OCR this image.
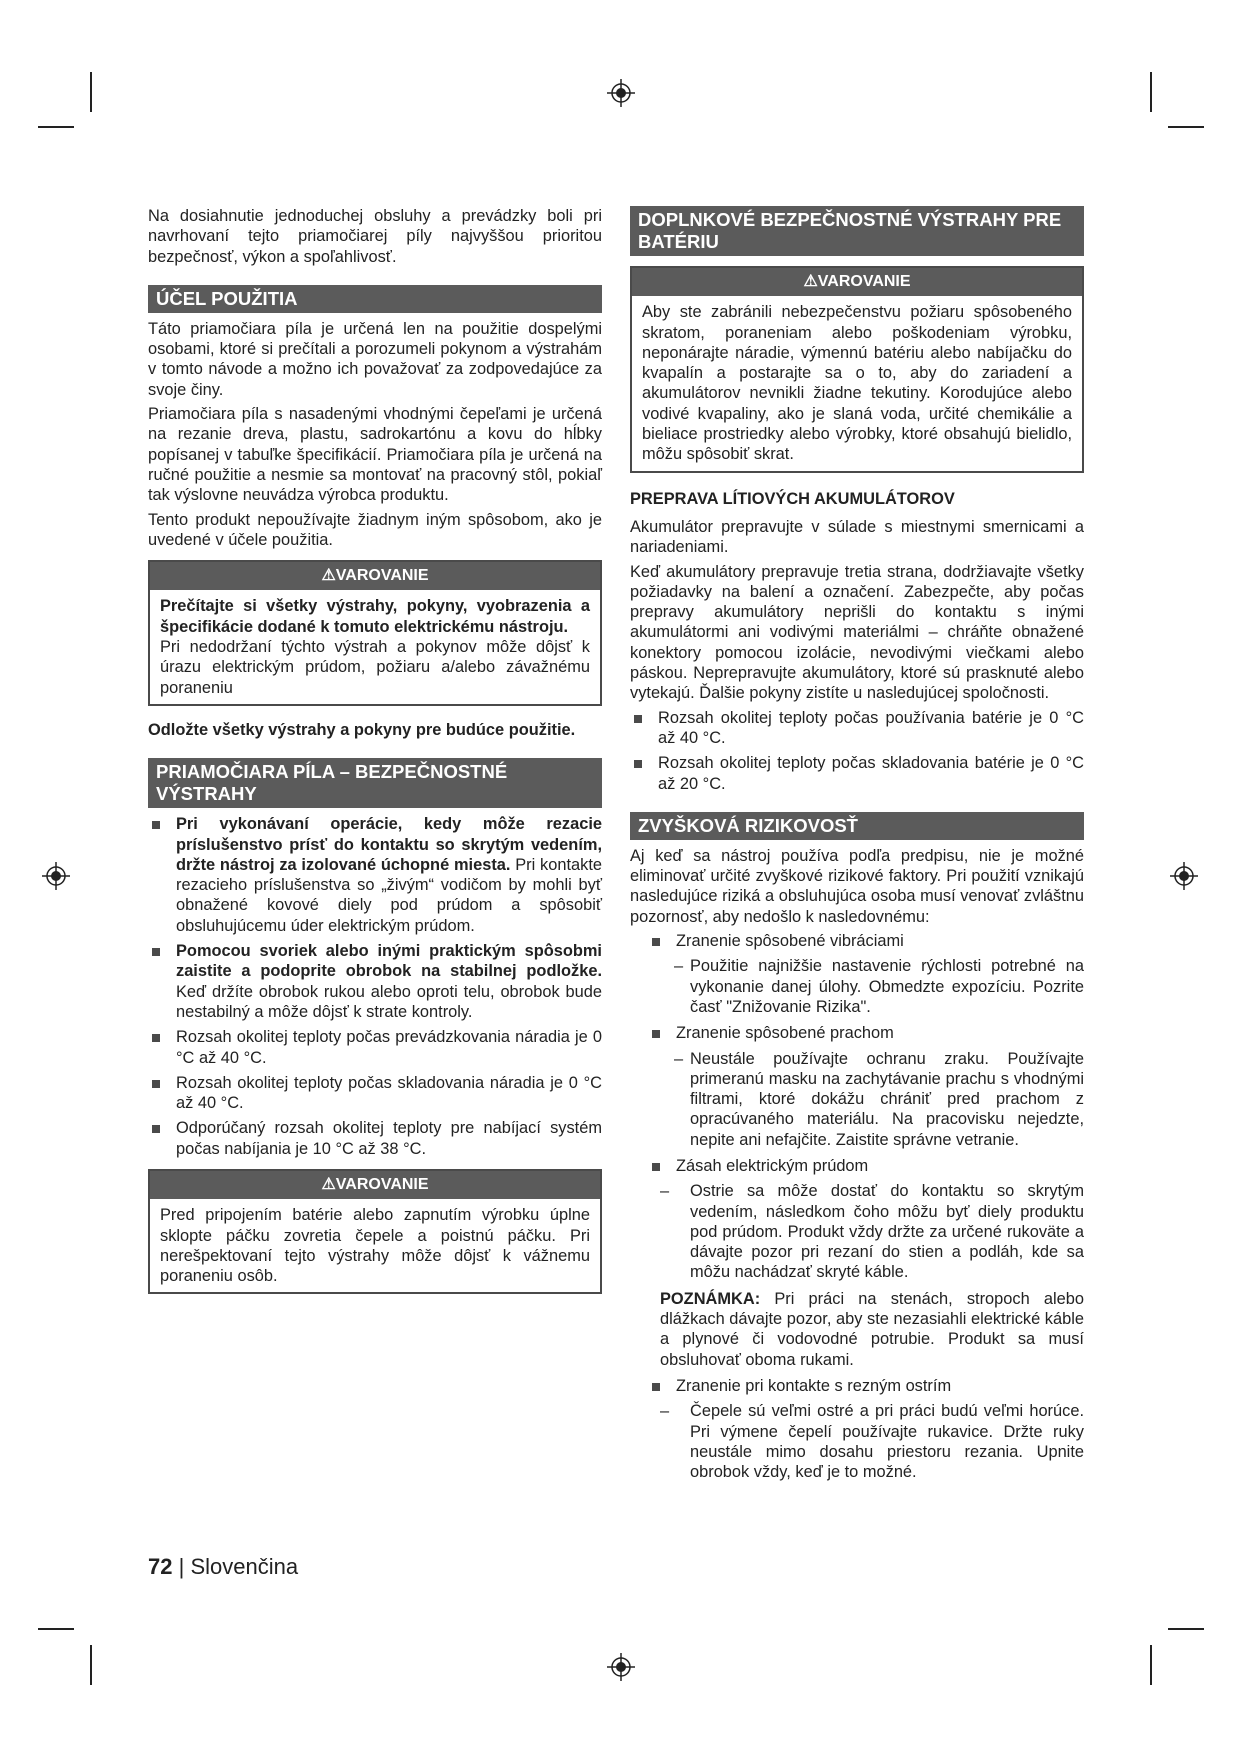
Na dosiahnutie jednoduchej obsluhy a prevádzky boli pri navrhovaní tejto priamočiarej píly najvyššou prioritou bezpečnosť, výkon a spoľahlivosť.

ÚČEL POUŽITIA

Táto priamočiara píla je určená len na použitie dospelými osobami, ktoré si prečítali a porozumeli pokynom a výstrahám v tomto návode a možno ich považovať za zodpovedajúce za svoje činy.

Priamočiara píla s nasadenými vhodnými čepeľami je určená na rezanie dreva, plastu, sadrokartónu a kovu do hĺbky popísanej v tabuľke špecifikácií. Priamočiara píla je určená na ručné použitie a nesmie sa montovať na pracovný stôl, pokiaľ tak výslovne neuvádza výrobca produktu.

Tento produkt nepoužívajte žiadnym iným spôsobom, ako je uvedené v účele použitia.

⚠VAROVANIE

Prečítajte si všetky výstrahy, pokyny, vyobrazenia a špecifikácie dodané k tomuto elektrickému nástroju.

Pri nedodržaní týchto výstrah a pokynov môže dôjsť k úrazu elektrickým prúdom, požiaru a/alebo závažnému poraneniu

Odložte všetky výstrahy a pokyny pre budúce použitie.

PRIAMOČIARA PÍLA – BEZPEČNOSTNÉ VÝSTRAHY
Pri vykonávaní operácie, kedy môže rezacie príslušenstvo prísť do kontaktu so skrytým vedením, držte nástroj za izolované úchopné miesta. Pri kontakte rezacieho príslušenstva so „živým“ vodičom by mohli byť obnažené kovové diely pod prúdom a spôsobiť obsluhujúcemu úder elektrickým prúdom.
Pomocou svoriek alebo inými praktickým spôsobmi zaistite a podoprite obrobok na stabilnej podložke. Keď držíte obrobok rukou alebo oproti telu, obrobok bude nestabilný a môže dôjsť k strate kontroly.
Rozsah okolitej teploty počas prevádzkovania náradia je 0 °C až 40 °C.
Rozsah okolitej teploty počas skladovania náradia je 0 °C až 40 °C.
Odporúčaný rozsah okolitej teploty pre nabíjací systém počas nabíjania je 10 °C až 38 °C.
⚠VAROVANIE

Pred pripojením batérie alebo zapnutím výrobku úplne sklopte páčku zovretia čepele a poistnú páčku. Pri nerešpektovaní tejto výstrahy môže dôjsť k vážnemu poraneniu osôb.

DOPLNKOVÉ BEZPEČNOSTNÉ VÝSTRAHY PRE BATÉRIU
⚠VAROVANIE

Aby ste zabránili nebezpečenstvu požiaru spôsobeného skratom, poraneniam alebo poškodeniam výrobku, neponárajte náradie, výmennú batériu alebo nabíjačku do kvapalín a postarajte sa o to, aby do zariadení a akumulátorov nevnikli žiadne tekutiny. Korodujúce alebo vodivé kvapaliny, ako je slaná voda, určité chemikálie a bieliace prostriedky alebo výrobky, ktoré obsahujú bielidlo, môžu spôsobiť skrat.

PREPRAVA LÍTIOVÝCH AKUMULÁTOROV

Akumulátor prepravujte v súlade s miestnymi smernicami a nariadeniami.

Keď akumulátory prepravuje tretia strana, dodržiavajte všetky požiadavky na balení a označení. Zabezpečte, aby počas prepravy akumulátory neprišli do kontaktu s inými akumulátormi ani vodivými materiálmi – chráňte obnažené konektory pomocou izolácie, nevodivými viečkami alebo páskou. Neprepravujte akumulátory, ktoré sú prasknuté alebo vytekajú. Ďalšie pokyny zistíte u nasledujúcej spoločnosti.

Rozsah okolitej teploty počas používania batérie je 0 °C až 40 °C.
Rozsah okolitej teploty počas skladovania batérie je 0 °C až 20 °C.
ZVYŠKOVÁ RIZIKOVOSŤ

Aj keď sa nástroj používa podľa predpisu, nie je možné eliminovať určité zvyškové rizikové faktory. Pri použití vznikajú nasledujúce riziká a obsluhujúca osoba musí venovať zvláštnu pozornosť, aby nedošlo k nasledovnému:

Zranenie spôsobené vibráciami
– Použitie najnižšie nastavenie rýchlosti potrebné na vykonanie danej úlohy. Obmedzte expozíciu. Pozrite časť "Znižovanie Rizika".
Zranenie spôsobené prachom
– Neustále používajte ochranu zraku. Používajte primeranú masku na zachytávanie prachu s vhodnými filtrami, ktoré dokážu chrániť pred prachom z opracúvaného materiálu. Na pracovisku nejedzte, nepite ani nefajčite. Zaistite správne vetranie.
Zásah elektrickým prúdom
– Ostrie sa môže dostať do kontaktu so skrytým vedením, následkom čoho môžu byť diely produktu pod prúdom. Produkt vždy držte za určené rukoväte a dávajte pozor pri rezaní do stien a podláh, kde sa môžu nachádzať skryté káble.
POZNÁMKA: Pri práci na stenách, stropoch alebo dlážkach dávajte pozor, aby ste nezasiahli elektrické káble a plynové či vodovodné potrubie. Produkt sa musí obsluhovať oboma rukami.
Zranenie pri kontakte s rezným ostrím
– Čepele sú veľmi ostré a pri práci budú veľmi horúce. Pri výmene čepelí používajte rukavice. Držte ruky neustále mimo dosahu priestoru rezania. Upnite obrobok vždy, keď je to možné.
72 | Slovenčina
